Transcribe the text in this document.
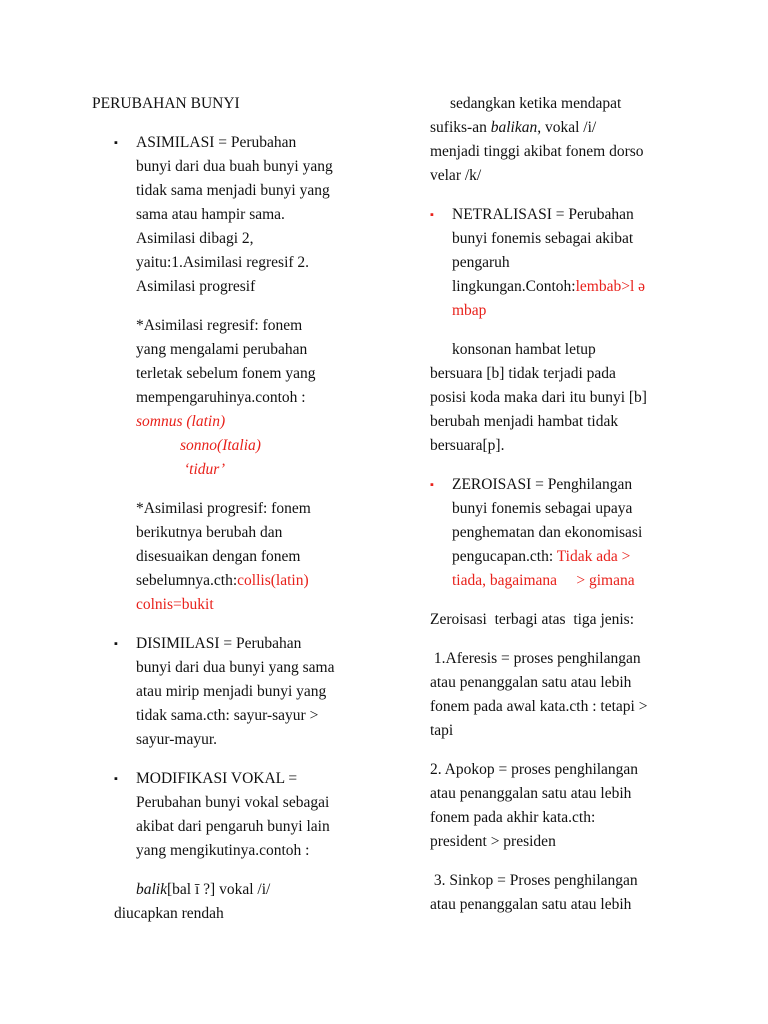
PERUBAHAN BUNYI

▪ ASIMILASI = Perubahan

bunyi dari dua buah bunyi yang

tidak sama menjadi bunyi yang

sama atau hampir sama.

Asimilasi dibagi 2,

yaitu:1.Asimilasi regresif 2.

Asimilasi progresif

*Asimilasi regresif: fonem

yang mengalami perubahan

terletak sebelum fonem yang

mempengaruhinya.contoh :

somnus (latin)

sonno(Italia)

‘tidur’

*Asimilasi progresif: fonem

berikutnya berubah dan

disesuaikan dengan fonem

sebelumnya.cth:collis(latin)

colnis=bukit

▪ DISIMILASI = Perubahan

bunyi dari dua bunyi yang sama

atau mirip menjadi bunyi yang

tidak sama.cth: sayur-sayur >

sayur-mayur.

▪ MODIFIKASI VOKAL =

Perubahan bunyi vokal sebagai

akibat dari pengaruh bunyi lain

yang mengikutinya.contoh :

balik[bal ī ?] vokal /i/

diucapkan rendah

sedangkan ketika mendapat

sufiks-an balikan, vokal /i/

menjadi tinggi akibat fonem dorso

velar /k/

▪ NETRALISASI = Perubahan

bunyi fonemis sebagai akibat

pengaruh

lingkungan.Contoh:lembab>l ə

mbap

konsonan hambat letup

bersuara [b] tidak terjadi pada

posisi koda maka dari itu bunyi [b]

berubah menjadi hambat tidak

bersuara[p].

▪ ZEROISASI = Penghilangan

bunyi fonemis sebagai upaya

penghematan dan ekonomisasi

pengucapan.cth: Tidak ada >

tiada, bagaimana     > gimana

Zeroisasi  terbagi atas  tiga jenis:

1.Aferesis = proses penghilangan

atau penanggalan satu atau lebih

fonem pada awal kata.cth : tetapi >

tapi

2. Apokop = proses penghilangan

atau penanggalan satu atau lebih

fonem pada akhir kata.cth:

president > presiden

3. Sinkop = Proses penghilangan

atau penanggalan satu atau lebih
